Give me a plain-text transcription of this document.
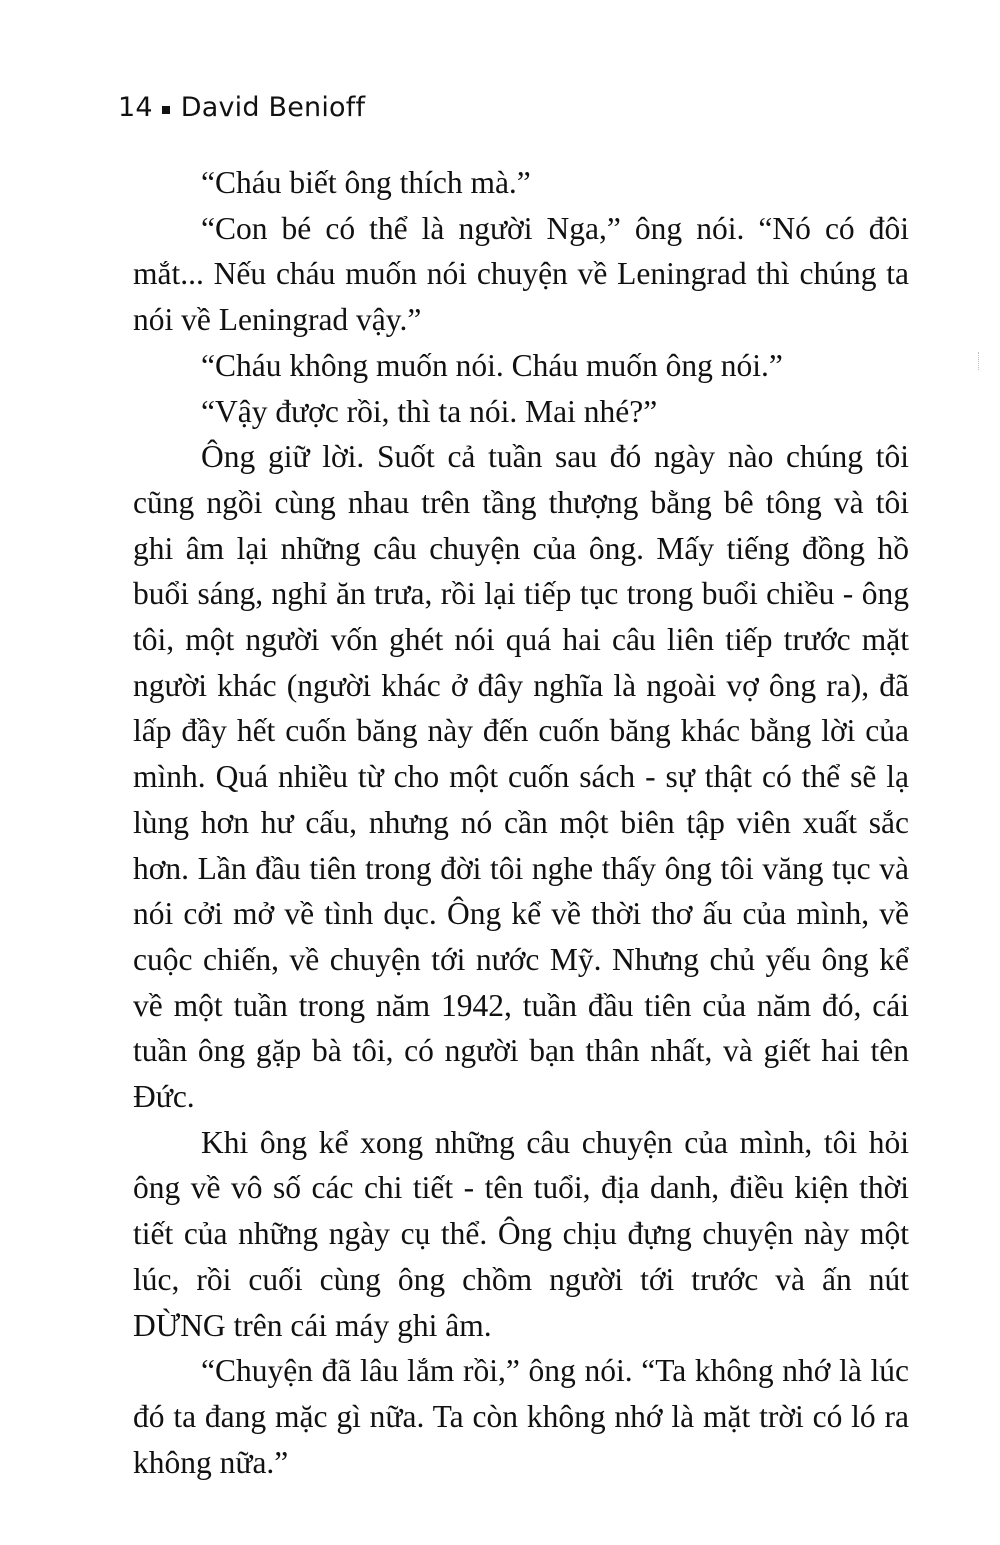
14 David Benioff

“Cháu biết ông thích mà.”

“Con bé có thể là người Nga,” ông nói. “Nó có đôi mắt... Nếu cháu muốn nói chuyện về Leningrad thì chúng ta nói về Leningrad vậy.”

“Cháu không muốn nói. Cháu muốn ông nói.”

“Vậy được rồi, thì ta nói. Mai nhé?”

Ông giữ lời. Suốt cả tuần sau đó ngày nào chúng tôi cũng ngồi cùng nhau trên tầng thượng bằng bê tông và tôi ghi âm lại những câu chuyện của ông. Mấy tiếng đồng hồ buổi sáng, nghỉ ăn trưa, rồi lại tiếp tục trong buổi chiều - ông tôi, một người vốn ghét nói quá hai câu liên tiếp trước mặt người khác (người khác ở đây nghĩa là ngoài vợ ông ra), đã lấp đầy hết cuốn băng này đến cuốn băng khác bằng lời của mình. Quá nhiều từ cho một cuốn sách - sự thật có thể sẽ lạ lùng hơn hư cấu, nhưng nó cần một biên tập viên xuất sắc hơn. Lần đầu tiên trong đời tôi nghe thấy ông tôi văng tục và nói cởi mở về tình dục. Ông kể về thời thơ ấu của mình, về cuộc chiến, về chuyện tới nước Mỹ. Nhưng chủ yếu ông kể về một tuần trong năm 1942, tuần đầu tiên của năm đó, cái tuần ông gặp bà tôi, có người bạn thân nhất, và giết hai tên Đức.

Khi ông kể xong những câu chuyện của mình, tôi hỏi ông về vô số các chi tiết - tên tuổi, địa danh, điều kiện thời tiết của những ngày cụ thể. Ông chịu đựng chuyện này một lúc, rồi cuối cùng ông chồm người tới trước và ấn nút DỪNG trên cái máy ghi âm.

“Chuyện đã lâu lắm rồi,” ông nói. “Ta không nhớ là lúc đó ta đang mặc gì nữa. Ta còn không nhớ là mặt trời có ló ra không nữa.”
